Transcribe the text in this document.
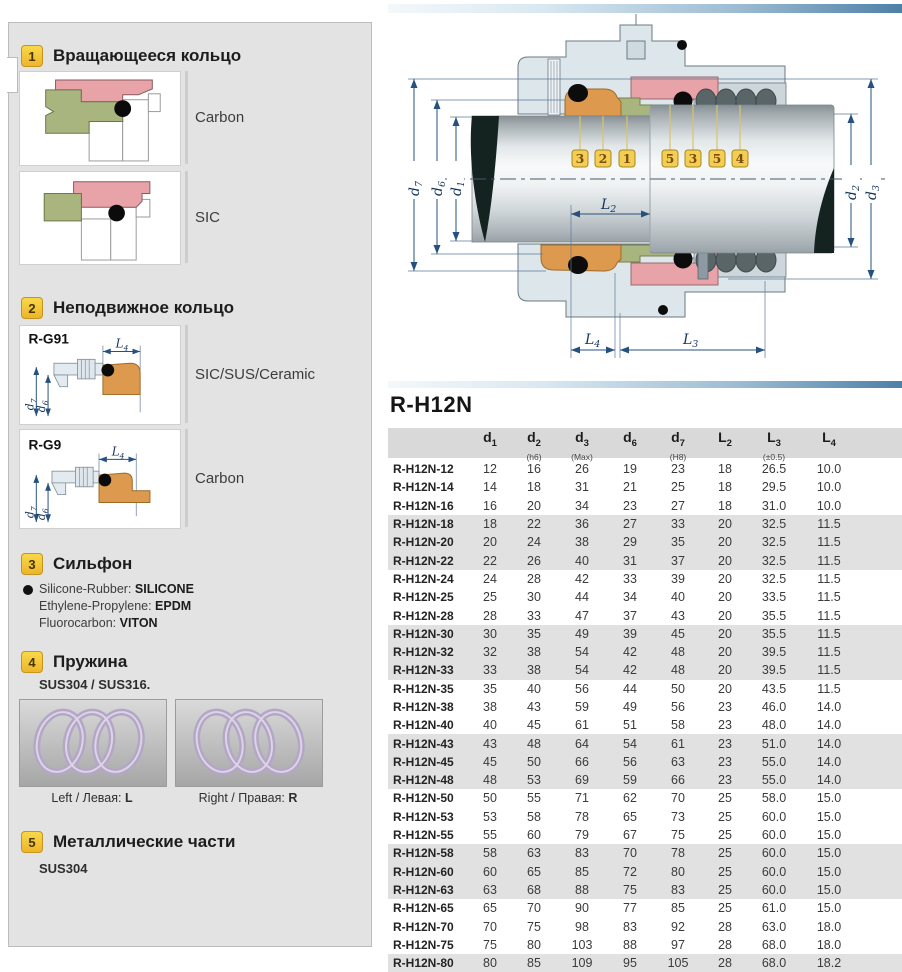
1	Вращающееся кольцо
Carbon
SIC
2	Неподвижное кольцо
R-G91	$L_4$
$d_7$
$d_6$
SIC/SUS/Ceramic
R-G9	$L_4$
$d_7$
$d_6$
Carbon
3	Сильфон
Silicone-Rubber: SILICONE
Ethylene-Propylene: EPDM
Fluorocarbon: VITON
4	Пружина
SUS304 / SUS316.
Left / Левая: L	Right / Правая: R
5	Металлические части
SUS304
3 2 1	5 3 5 4
$d_7$
$d_6$
$d_1$
$d_2$
$d_3$
$L_2$
$L_4$	$L_3$
R-H12N
$d_1$	$d_2$
(h6)
$d_3$
(Max)
$d_6$	$d_7$
(H8)
$L_2$	$L_3$
(±0.5)
$L_4$
R-H12N-12	12	16	26	19	23	18	26.5	10.0
R-H12N-14	14	18	31	21	25	18	29.5	10.0
R-H12N-16	16	20	34	23	27	18	31.0	10.0
R-H12N-18	18	22	36	27	33	20	32.5	11.5
R-H12N-20	20	24	38	29	35	20	32.5	11.5
R-H12N-22	22	26	40	31	37	20	32.5	11.5
R-H12N-24	24	28	42	33	39	20	32.5	11.5
R-H12N-25	25	30	44	34	40	20	33.5	11.5
R-H12N-28	28	33	47	37	43	20	35.5	11.5
R-H12N-30	30	35	49	39	45	20	35.5	11.5
R-H12N-32	32	38	54	42	48	20	39.5	11.5
R-H12N-33	33	38	54	42	48	20	39.5	11.5
R-H12N-35	35	40	56	44	50	20	43.5	11.5
R-H12N-38	38	43	59	49	56	23	46.0	14.0
R-H12N-40	40	45	61	51	58	23	48.0	14.0
R-H12N-43	43	48	64	54	61	23	51.0	14.0
R-H12N-45	45	50	66	56	63	23	55.0	14.0
R-H12N-48	48	53	69	59	66	23	55.0	14.0
R-H12N-50	50	55	71	62	70	25	58.0	15.0
R-H12N-53	53	58	78	65	73	25	60.0	15.0
R-H12N-55	55	60	79	67	75	25	60.0	15.0
R-H12N-58	58	63	83	70	78	25	60.0	15.0
R-H12N-60	60	65	85	72	80	25	60.0	15.0
R-H12N-63	63	68	88	75	83	25	60.0	15.0
R-H12N-65	65	70	90	77	85	25	61.0	15.0
R-H12N-70	70	75	98	83	92	28	63.0	18.0
R-H12N-75	75	80	103	88	97	28	68.0	18.0
R-H12N-80	80	85	109	95	105	28	68.0	18.2
